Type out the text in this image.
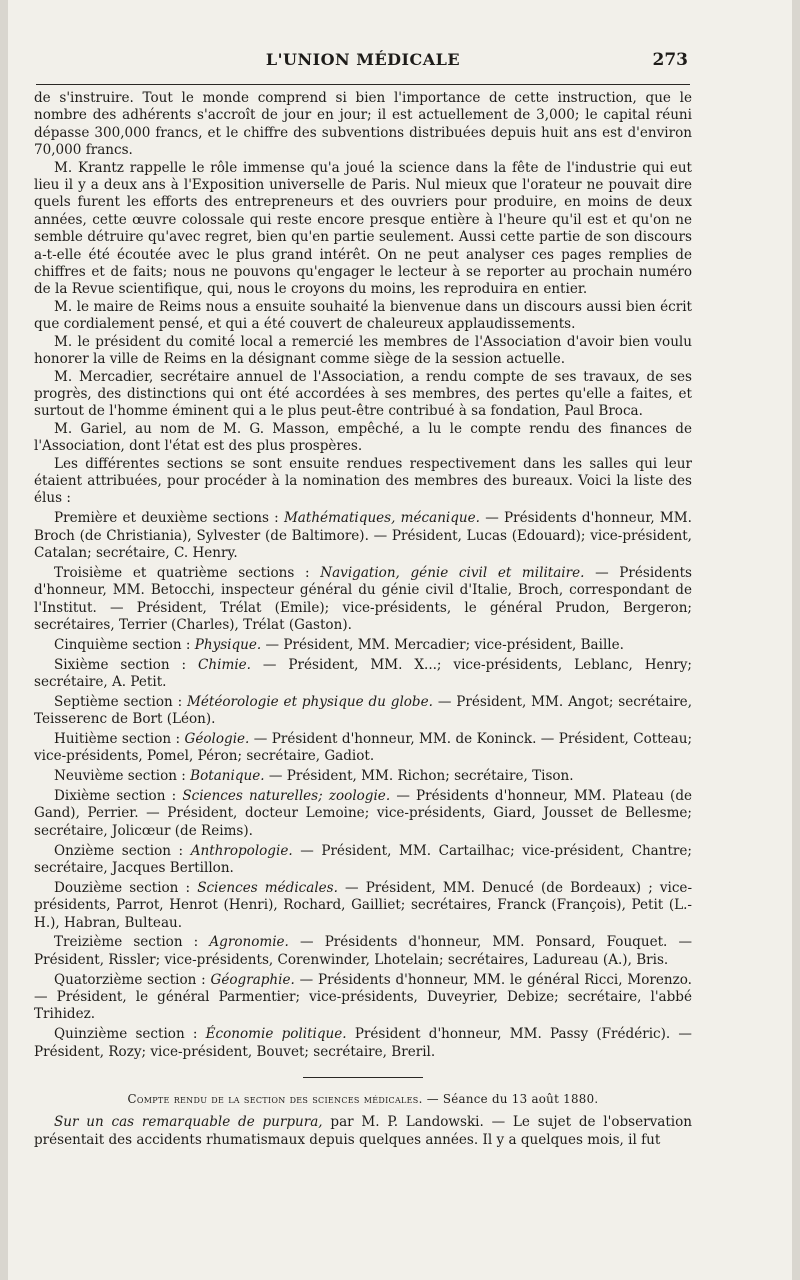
L'UNION MÉDICALE	273

de s'instruire. Tout le monde comprend si bien l'importance de cette instruction, que le nombre des adhérents s'accroît de jour en jour; il est actuellement de 3,000; le capital réuni dépasse 300,000 francs, et le chiffre des subventions distribuées depuis huit ans est d'environ 70,000 francs.

M. Krantz rappelle le rôle immense qu'a joué la science dans la fête de l'industrie qui eut lieu il y a deux ans à l'Exposition universelle de Paris. Nul mieux que l'orateur ne pouvait dire quels furent les efforts des entrepreneurs et des ouvriers pour produire, en moins de deux années, cette œuvre colossale qui reste encore presque entière à l'heure qu'il est et qu'on ne semble détruire qu'avec regret, bien qu'en partie seulement. Aussi cette partie de son discours a-t-elle été écoutée avec le plus grand intérêt. On ne peut analyser ces pages remplies de chiffres et de faits; nous ne pouvons qu'engager le lecteur à se reporter au prochain numéro de la Revue scientifique, qui, nous le croyons du moins, les reproduira en entier.

M. le maire de Reims nous a ensuite souhaité la bienvenue dans un discours aussi bien écrit que cordialement pensé, et qui a été couvert de chaleureux applaudissements.

M. le président du comité local a remercié les membres de l'Association d'avoir bien voulu honorer la ville de Reims en la désignant comme siège de la session actuelle.

M. Mercadier, secrétaire annuel de l'Association, a rendu compte de ses travaux, de ses progrès, des distinctions qui ont été accordées à ses membres, des pertes qu'elle a faites, et surtout de l'homme éminent qui a le plus peut-être contribué à sa fondation, Paul Broca.

M. Gariel, au nom de M. G. Masson, empêché, a lu le compte rendu des finances de l'Association, dont l'état est des plus prospères.

Les différentes sections se sont ensuite rendues respectivement dans les salles qui leur étaient attribuées, pour procéder à la nomination des membres des bureaux. Voici la liste des élus :

Première et deuxième sections : Mathématiques, mécanique. — Présidents d'honneur, MM. Broch (de Christiania), Sylvester (de Baltimore). — Président, Lucas (Edouard); vice-président, Catalan; secrétaire, C. Henry.

Troisième et quatrième sections : Navigation, génie civil et militaire. — Présidents d'honneur, MM. Betocchi, inspecteur général du génie civil d'Italie, Broch, correspondant de l'Institut. — Président, Trélat (Emile); vice-présidents, le général Prudon, Bergeron; secrétaires, Terrier (Charles), Trélat (Gaston).

Cinquième section : Physique. — Président, MM. Mercadier; vice-président, Baille.

Sixième section : Chimie. — Président, MM. X...; vice-présidents, Leblanc, Henry; secrétaire, A. Petit.

Septième section : Météorologie et physique du globe. — Président, MM. Angot; secrétaire, Teisserenc de Bort (Léon).

Huitième section : Géologie. — Président d'honneur, MM. de Koninck. — Président, Cotteau; vice-présidents, Pomel, Péron; secrétaire, Gadiot.

Neuvième section : Botanique. — Président, MM. Richon; secrétaire, Tison.

Dixième section : Sciences naturelles; zoologie. — Présidents d'honneur, MM. Plateau (de Gand), Perrier. — Président, docteur Lemoine; vice-présidents, Giard, Jousset de Bellesme; secrétaire, Jolicœur (de Reims).

Onzième section : Anthropologie. — Président, MM. Cartailhac; vice-président, Chantre; secrétaire, Jacques Bertillon.

Douzième section : Sciences médicales. — Président, MM. Denucé (de Bordeaux) ; vice-présidents, Parrot, Henrot (Henri), Rochard, Gailliet; secrétaires, Franck (François), Petit (L.-H.), Habran, Bulteau.

Treizième section : Agronomie. — Présidents d'honneur, MM. Ponsard, Fouquet. — Président, Rissler; vice-présidents, Corenwinder, Lhotelain; secrétaires, Ladureau (A.), Bris.

Quatorzième section : Géographie. — Présidents d'honneur, MM. le général Ricci, Morenzo. — Président, le général Parmentier; vice-présidents, Duveyrier, Debize; secrétaire, l'abbé Trihidez.

Quinzième section : Économie politique. Président d'honneur, MM. Passy (Frédéric). — Président, Rozy; vice-président, Bouvet; secrétaire, Breril.

Compte rendu de la section des sciences médicales. — Séance du 13 août 1880.

Sur un cas remarquable de purpura, par M. P. Landowski. — Le sujet de l'observation présentait des accidents rhumatismaux depuis quelques années. Il y a quelques mois, il fut
